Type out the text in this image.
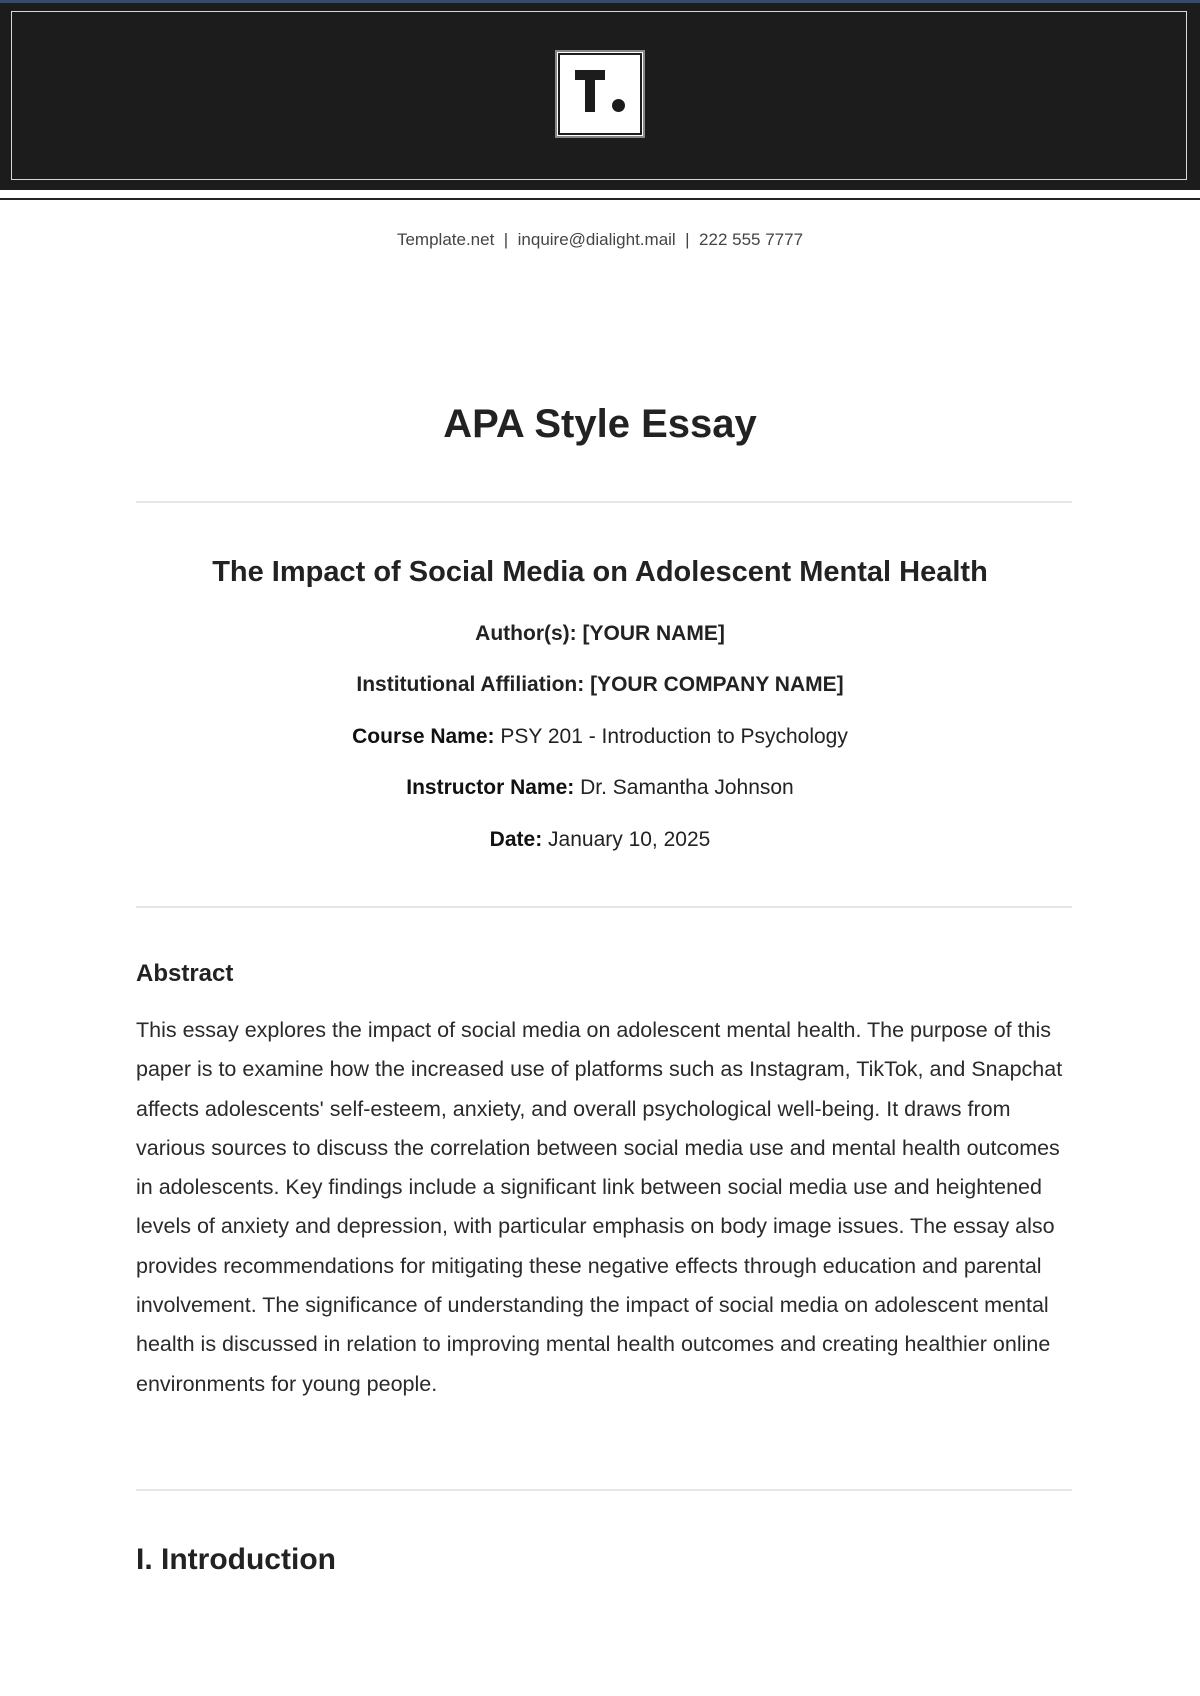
Template.net | inquire@dialight.mail | 222 555 7777
APA Style Essay
The Impact of Social Media on Adolescent Mental Health
Author(s): [YOUR NAME]
Institutional Affiliation: [YOUR COMPANY NAME]
Course Name: PSY 201 - Introduction to Psychology
Instructor Name: Dr. Samantha Johnson
Date: January 10, 2025
Abstract
This essay explores the impact of social media on adolescent mental health. The purpose of this paper is to examine how the increased use of platforms such as Instagram, TikTok, and Snapchat affects adolescents' self-esteem, anxiety, and overall psychological well-being. It draws from various sources to discuss the correlation between social media use and mental health outcomes in adolescents. Key findings include a significant link between social media use and heightened levels of anxiety and depression, with particular emphasis on body image issues. The essay also provides recommendations for mitigating these negative effects through education and parental involvement. The significance of understanding the impact of social media on adolescent mental health is discussed in relation to improving mental health outcomes and creating healthier online environments for young people.
I. Introduction
